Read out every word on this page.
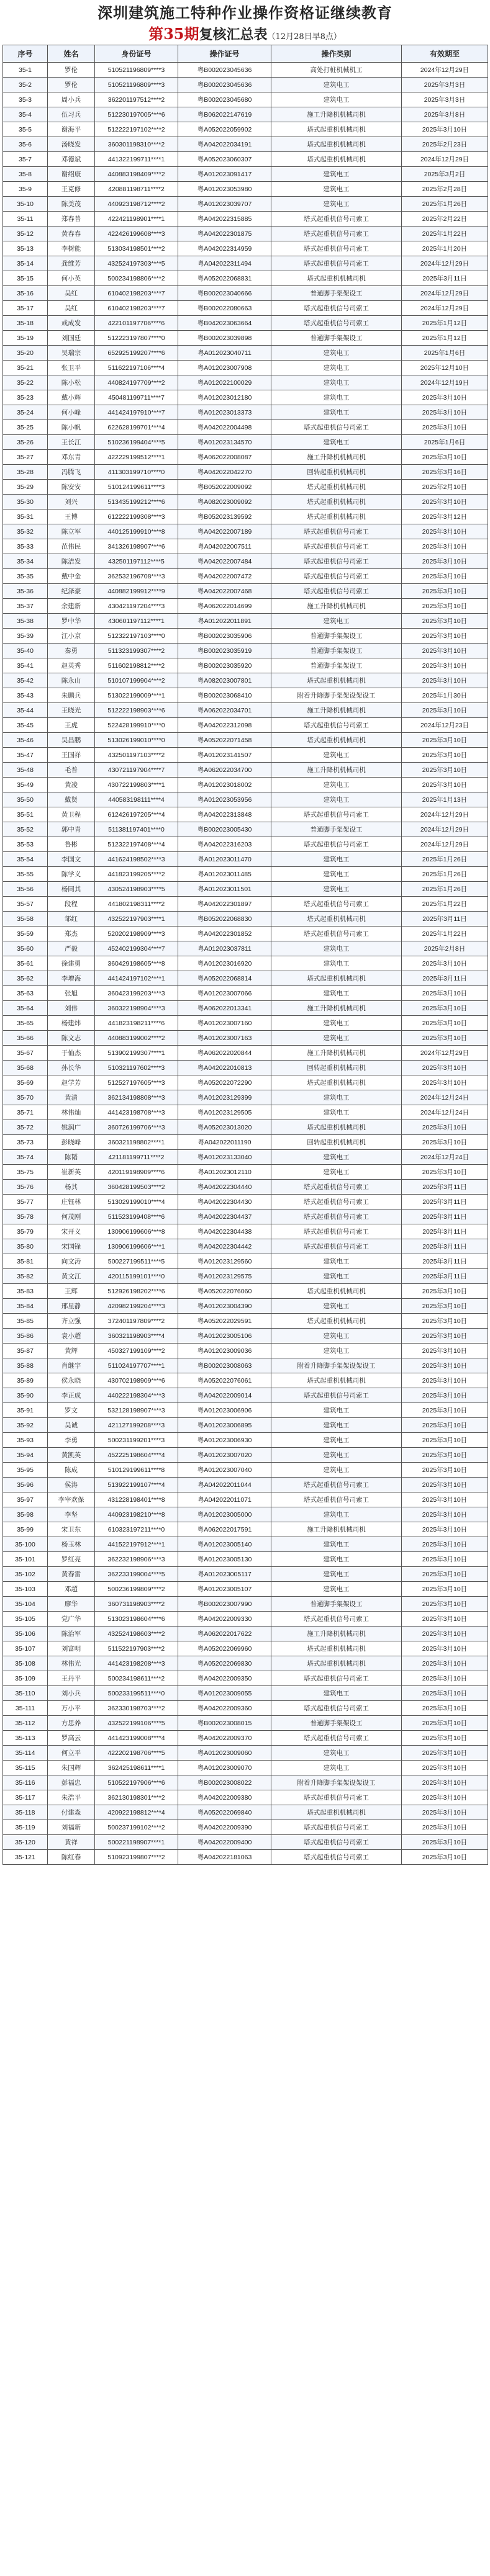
深圳建筑施工特种作业操作资格证继续教育
第35期复核汇总表（12月28日早8点）
序号	姓名	身份证号	操作证号	操作类别	有效期至
35-1	罗伦	510521196809****3	粤B002023045636	高处打桩机械机工	2024年12月29日
35-2	罗伦	510521196809****3	粤B002023045636	建筑电工	2025年3月3日
35-3	周小兵	362201197512****2	粤B002023045680	建筑电工	2025年3月3日
35-4	伍习兵	512230197005****6	粤B062022147619	施工升降机机械司机	2025年3月8日
35-5	谢海平	512222197102****2	粤A052022059902	塔式起重机机械司机	2025年3月10日
35-6	汤晓发	360301198310****2	粤A042022034191	塔式起重机机械司机	2025年2月23日
35-7	邓德斌	441322199711****1	粤A052023060307	塔式起重机机械司机	2024年12月29日
35-8	谢绍康	440883198409****2	粤A012023091417	建筑电工	2025年3月2日
35-9	王克修	420881198711****2	粤A012023053980	建筑电工	2025年2月28日
35-10	陈美茂	440923198712****2	粤A012023039707	建筑电工	2025年1月26日
35-11	郑春普	422421198901****1	粤A042022315885	塔式起重机信号司索工	2025年2月22日
35-12	黄春春	422426199608****3	粤A042022301875	塔式起重机信号司索工	2025年1月22日
35-13	李树能	513034198501****2	粤A042022314959	塔式起重机信号司索工	2025年1月20日
35-14	龚维芳	432524197303****5	粤A042022311494	塔式起重机信号司索工	2024年12月29日
35-15	何小英	500234198806****2	粤A052022068831	塔式起重机机械司机	2025年3月11日
35-16	吴红	610402198203****7	粤B002023040666	普通脚手架架设工	2024年12月29日
35-17	吴红	610402198203****7	粤B002022080663	塔式起重机信号司索工	2024年12月29日
35-18	戒成发	422101197706****6	粤B042023063664	塔式起重机信号司索工	2025年1月12日
35-19	刘国廷	512223197807****0	粤B002023039898	普通脚手架架设工	2025年1月12日
35-20	吴瑞宗	652925199207****6	粤A012023040711	建筑电工	2025年1月6日
35-21	张卫平	511622197106****4	粤A012023007908	建筑电工	2025年12月10日
35-22	陈小松	440824197709****2	粤A012022100029	建筑电工	2024年12月19日
35-23	戴小辉	450481199711****7	粤A012023012180	建筑电工	2025年3月10日
35-24	何小峰	441424197910****7	粤A012023013373	建筑电工	2025年3月10日
35-25	陈小帆	622628199701****4	粤A042022004498	塔式起重机信号司索工	2025年3月10日
35-26	王长江	510236199404****5	粤A012023134570	建筑电工	2025年1月6日
35-27	邓东青	422229199512****1	粤A062022008087	施工升降机机械司机	2025年3月10日
35-28	冯腾飞	411303199710****0	粤A042022042270	回转起重机机械司机	2025年3月16日
35-29	陈安安	510124199611****3	粤B052022009092	塔式起重机机械司机	2025年2月10日
35-30	刘兴	513435199212****6	粤A082023009092	塔式起重机机械司机	2025年3月10日
35-31	王博	612222199308****3	粤B052023139592	塔式起重机机械司机	2025年3月12日
35-32	陈立军	440125199910****8	粤A042022007189	塔式起重机信号司索工	2025年3月10日
35-33	范伟民	341326198907****6	粤A042022007511	塔式起重机信号司索工	2025年3月10日
35-34	陈洁发	432501197112****5	粤A042022007484	塔式起重机信号司索工	2025年3月10日
35-35	戴中金	362532196708****3	粤A042022007472	塔式起重机信号司索工	2025年3月10日
35-36	纪泽豪	440882199912****9	粤A042022007468	塔式起重机信号司索工	2025年3月10日
35-37	余建新	430421197204****3	粤A062022014699	施工升降机机械司机	2025年3月10日
35-38	罗中华	430601197112****1	粤A012022011891	建筑电工	2025年3月10日
35-39	江小京	512322197103****0	粤B002023035906	普通脚手架架设工	2025年3月10日
35-40	秦勇	511323199307****2	粤B002023035919	普通脚手架架设工	2025年3月10日
35-41	赵英秀	511602198812****2	粤B002023035920	普通脚手架架设工	2025年3月10日
35-42	陈永山	510107199904****2	粤A082023007801	塔式起重机机械司机	2025年3月10日
35-43	朱鹏兵	513022199009****1	粤B002023068410	附着升降脚手架架设架设工	2025年1月30日
35-44	王晓光	512222198903****6	粤A062022034701	施工升降机机械司机	2025年3月10日
35-45	王虎	522428199910****0	粤A042022312098	塔式起重机信号司索工	2024年12月23日
35-46	吴昌鹏	513026199010****0	粤A052022071458	塔式起重机机械司机	2025年3月10日
35-47	王国祥	432501197103****2	粤A012023141507	建筑电工	2025年3月10日
35-48	毛普	430721197904****7	粤A062022034700	施工升降机机械司机	2025年3月10日
35-49	黄凌	430722199803****1	粤A012023018002	建筑电工	2025年3月10日
35-50	戴贤	440583198111****4	粤A012023053956	建筑电工	2025年1月13日
35-51	黄卫程	612426197205****4	粤A042022313848	塔式起重机信号司索工	2024年12月29日
35-52	郭中青	511381197401****0	粤B002023005430	普通脚手架架设工	2024年12月29日
35-53	鲁彬	512322197408****4	粤A042022316203	塔式起重机信号司索工	2024年12月29日
35-54	李国文	441624198502****3	粤A012023011470	建筑电工	2025年1月26日
35-55	陈学义	441823199205****2	粤A012023011485	建筑电工	2025年1月26日
35-56	杨同其	430524198903****5	粤A012023011501	建筑电工	2025年1月26日
35-57	段程	441802198311****2	粤A042022301897	塔式起重机信号司索工	2025年1月22日
35-58	邹红	432522197903****1	粤B052022068830	塔式起重机机械司机	2025年3月11日
35-59	郑杰	520202198909****3	粤A042022301852	塔式起重机信号司索工	2025年1月22日
35-60	严毅	452402199304****7	粤A012023037811	建筑电工	2025年2月8日
35-61	徐建勇	360429198605****8	粤A012023016920	建筑电工	2025年3月10日
35-62	李增海	441424197102****1	粤A052022068814	塔式起重机机械司机	2025年3月11日
35-63	张旭	360423199203****3	粤A012023007066	建筑电工	2025年3月10日
35-64	刘伟	360322198904****3	粤A062022013341	施工升降机机械司机	2025年3月10日
35-65	杨建炜	441823198211****6	粤A012023007160	建筑电工	2025年3月10日
35-66	陈文志	440883199002****2	粤A012023007163	建筑电工	2025年3月10日
35-67	于仙杰	513902199307****1	粤A062022020844	施工升降机机械司机	2024年12月29日
35-68	孙长华	510321197602****3	粤A042022010813	回转起重机机械司机	2025年3月10日
35-69	赵学芳	512527197605****3	粤A052022072290	塔式起重机机械司机	2025年3月10日
35-70	黄清	362134198808****3	粤A012023129399	建筑电工	2024年12月24日
35-71	林伟灿	441423198708****3	粤A012023129505	建筑电工	2024年12月24日
35-72	姚润广	360726199706****3	粤A052023013020	塔式起重机机械司机	2025年3月10日
35-73	彭晓峰	360321198802****1	粤A042022011190	回转起重机机械司机	2025年3月10日
35-74	陈韬	421181199711****2	粤A012023133040	建筑电工	2024年12月24日
35-75	崔新英	420119198909****6	粤A012023012110	建筑电工	2025年3月10日
35-76	杨其	360428199503****2	粤A042022304440	塔式起重机信号司索工	2025年3月11日
35-77	庄钰林	513029199010****4	粤A042022304430	塔式起重机信号司索工	2025年3月11日
35-78	何茂刚	511523199408****6	粤A042022304437	塔式起重机信号司索工	2025年3月11日
35-79	宋开义	130906199606****8	粤A042022304438	塔式起重机信号司索工	2025年3月11日
35-80	宋国锋	130906199606****1	粤A042022304442	塔式起重机信号司索工	2025年3月11日
35-81	向文涛	500227199511****5	粤A012023129560	建筑电工	2025年3月11日
35-82	黄文江	420115199101****0	粤A012023129575	建筑电工	2025年3月11日
35-83	王辉	512926198202****6	粤A052022076060	塔式起重机机械司机	2025年3月10日
35-84	邢星静	420982199204****3	粤A012023004390	建筑电工	2025年3月10日
35-85	齐立强	372401197809****2	粤A052022029591	塔式起重机机械司机	2025年3月10日
35-86	袁小超	360321198903****4	粤A012023005106	建筑电工	2025年3月10日
35-87	黄辉	450327199109****2	粤A012023009036	建筑电工	2025年3月10日
35-88	肖继宇	511024197707****1	粤B002023008063	附着升降脚手架架设架设工	2025年3月10日
35-89	侯永晓	430702198909****6	粤A052022076061	塔式起重机机械司机	2025年3月10日
35-90	李正成	440222198304****3	粤A042022009014	塔式起重机信号司索工	2025年3月10日
35-91	罗文	532128198907****3	粤A012023006906	建筑电工	2025年3月10日
35-92	吴诚	421127199208****3	粤A012023006895	建筑电工	2025年3月10日
35-93	李勇	500231199201****3	粤A012023006930	建筑电工	2025年3月10日
35-94	黄凯英	452225198604****4	粤A012023007020	建筑电工	2025年3月10日
35-95	陈成	510129199611****8	粤A012023007040	建筑电工	2025年3月10日
35-96	侯涛	513922199107****4	粤A042022011044	塔式起重机信号司索工	2025年3月10日
35-97	李宰欢保	431228198401****8	粤A042022011071	塔式起重机信号司索工	2025年3月10日
35-98	李坚	440923198210****8	粤A012023005000	建筑电工	2025年3月10日
35-99	宋卫东	610323197211****0	粤A062022017591	施工升降机机械司机	2025年3月10日
35-100	杨玉林	441522197912****1	粤A012023005140	建筑电工	2025年3月10日
35-101	罗红亮	362232198906****3	粤A012023005130	建筑电工	2025年3月10日
35-102	黄春雷	362233199004****5	粤A012023005117	建筑电工	2025年3月10日
35-103	邓超	500236199809****2	粤A012023005107	建筑电工	2025年3月10日
35-104	廖华	360731198903****2	粤B002023007990	普通脚手架架设工	2025年3月10日
35-105	党广华	513023198604****6	粤A042022009330	塔式起重机信号司索工	2025年3月10日
35-106	陈治军	432524198603****2	粤A062022017622	施工升降机机械司机	2025年3月10日
35-107	刘富明	511522197903****2	粤A052022069960	塔式起重机机械司机	2025年3月10日
35-108	林伟光	441423198208****3	粤A052022069830	塔式起重机机械司机	2025年3月10日
35-109	王丹平	500234198611****2	粤A042022009350	塔式起重机信号司索工	2025年3月10日
35-110	刘小兵	500233199511****0	粤A012023009055	建筑电工	2025年3月10日
35-111	万小平	362330198703****2	粤A042022009360	塔式起重机信号司索工	2025年3月10日
35-112	方思养	432522199106****5	粤B002023008015	普通脚手架架设工	2025年3月10日
35-113	罗高云	441423199008****4	粤A042022009370	塔式起重机信号司索工	2025年3月10日
35-114	何立平	422202198706****5	粤A012023009060	建筑电工	2025年3月10日
35-115	朱国辉	362425198611****1	粤A012023009070	建筑电工	2025年3月10日
35-116	彭福忠	510522197906****6	粤B002023008022	附着升降脚手架架设架设工	2025年3月10日
35-117	朱浩平	362130198301****2	粤A042022009380	塔式起重机信号司索工	2025年3月10日
35-118	付建森	420922198812****4	粤A052022069840	塔式起重机机械司机	2025年3月10日
35-119	刘福新	500237199102****2	粤A042022009390	塔式起重机信号司索工	2025年3月10日
35-120	黄祥	500221198907****1	粤A042022009400	塔式起重机信号司索工	2025年3月10日
35-121	陈红春	510923199807****2	粤A042022181063	塔式起重机信号司索工	2025年3月10日
